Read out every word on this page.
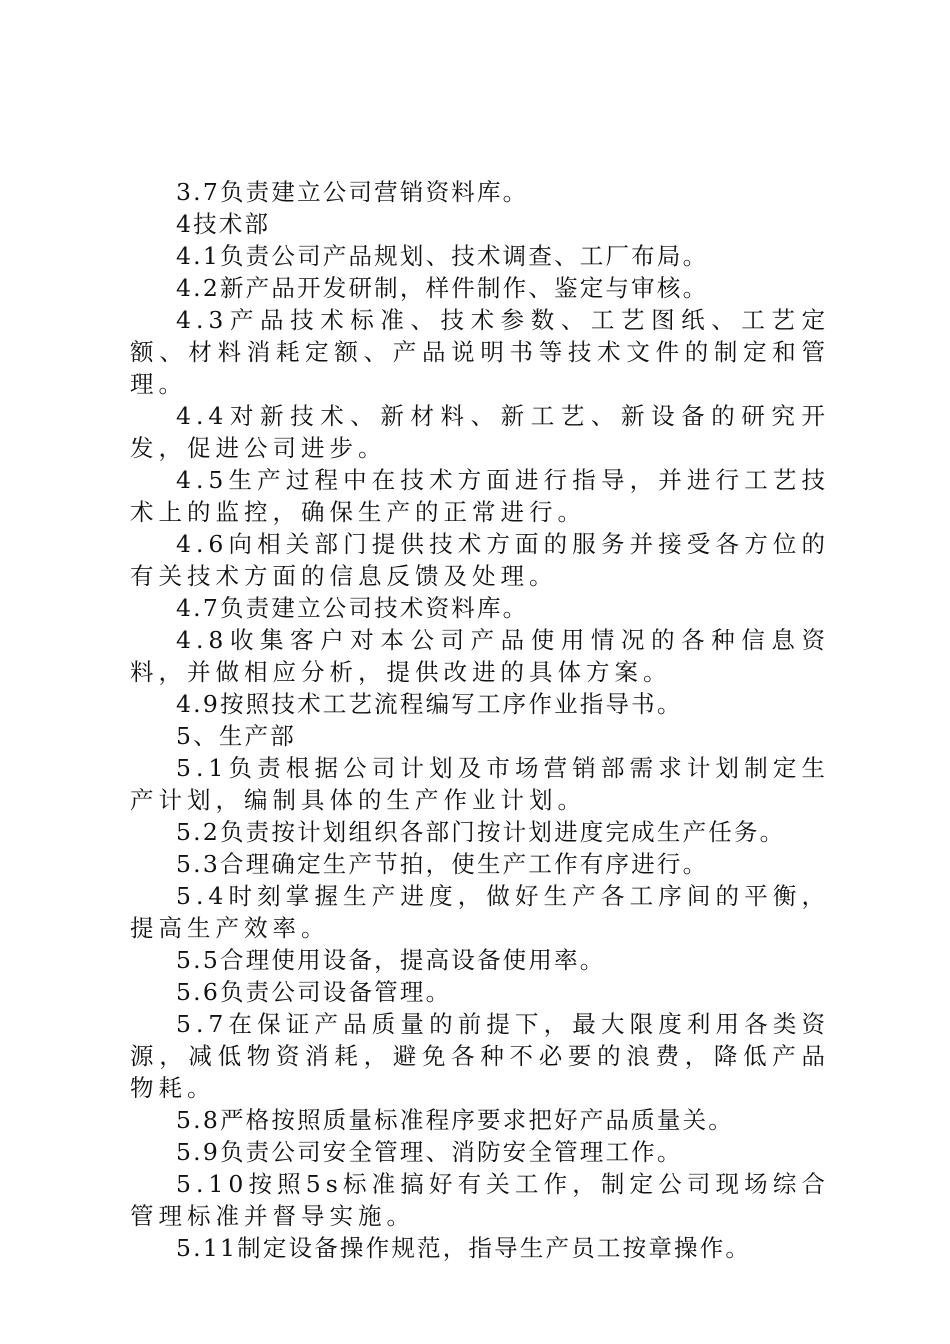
3.7负责建立公司营销资料库。

4技术部

4.1负责公司产品规划、技术调查、工厂布局。

4.2新产品开发研制，样件制作、鉴定与审核。

4.3产品技术标准、技术参数、工艺图纸、工艺定额、材料消耗定额、产品说明书等技术文件的制定和管理。

4.4对新技术、新材料、新工艺、新设备的研究开发，促进公司进步。

4.5生产过程中在技术方面进行指导，并进行工艺技术上的监控，确保生产的正常进行。

4.6向相关部门提供技术方面的服务并接受各方位的有关技术方面的信息反馈及处理。

4.7负责建立公司技术资料库。

4.8收集客户对本公司产品使用情况的各种信息资料，并做相应分析，提供改进的具体方案。

4.9按照技术工艺流程编写工序作业指导书。

5、生产部

5.1负责根据公司计划及市场营销部需求计划制定生产计划，编制具体的生产作业计划。

5.2负责按计划组织各部门按计划进度完成生产任务。

5.3合理确定生产节拍，使生产工作有序进行。

5.4时刻掌握生产进度，做好生产各工序间的平衡，提高生产效率。

5.5合理使用设备，提高设备使用率。

5.6负责公司设备管理。

5.7在保证产品质量的前提下，最大限度利用各类资源，减低物资消耗，避免各种不必要的浪费，降低产品物耗。

5.8严格按照质量标准程序要求把好产品质量关。

5.9负责公司安全管理、消防安全管理工作。

5.10按照5s标准搞好有关工作，制定公司现场综合管理标准并督导实施。

5.11制定设备操作规范，指导生产员工按章操作。
